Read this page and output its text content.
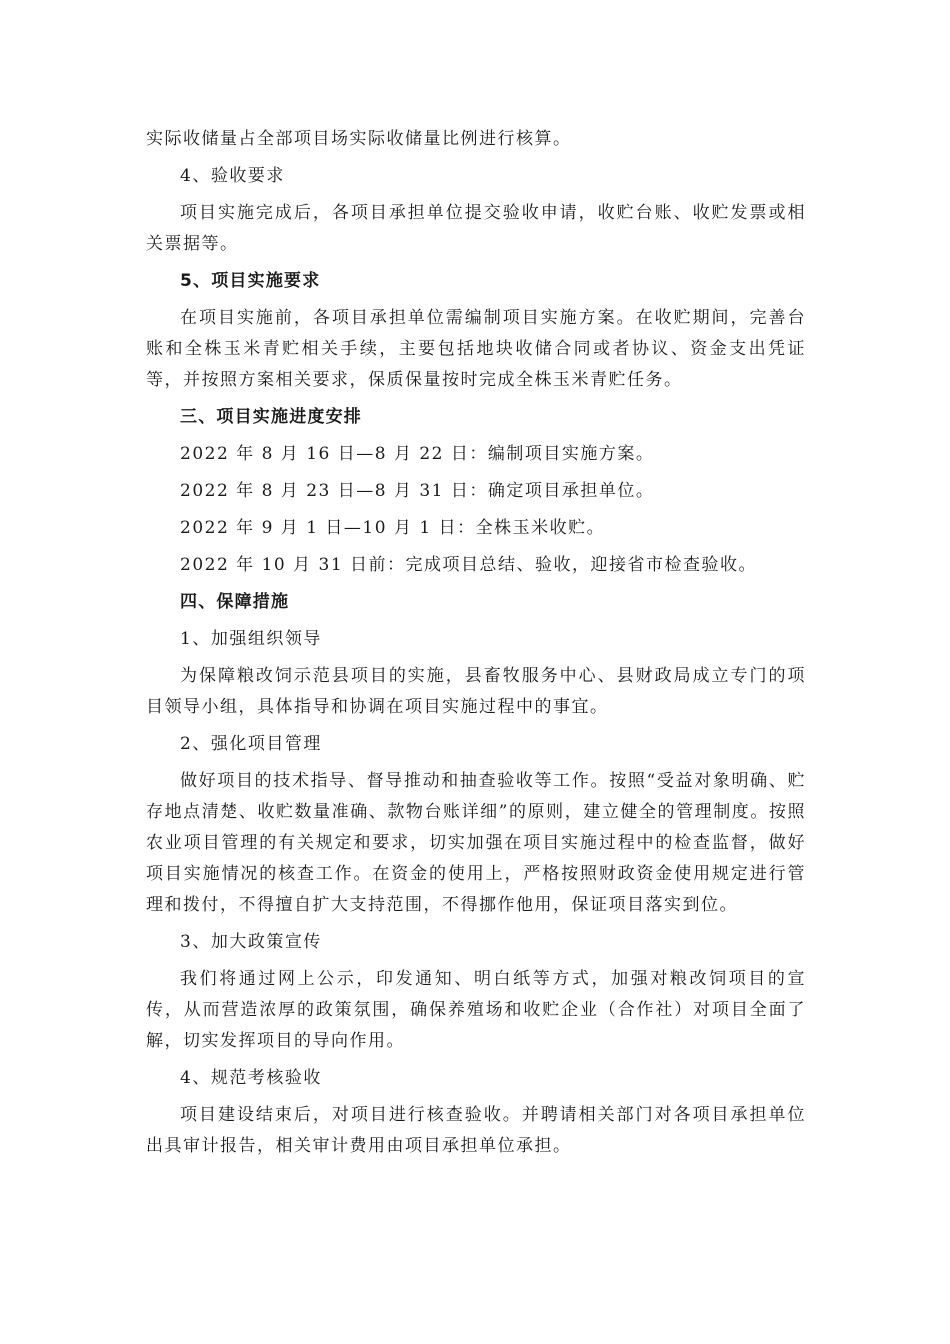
实际收储量占全部项目场实际收储量比例进行核算。

4、验收要求

项目实施完成后，各项目承担单位提交验收申请，收贮台账、收贮发票或相关票据等。

5、项目实施要求

在项目实施前，各项目承担单位需编制项目实施方案。在收贮期间，完善台账和全株玉米青贮相关手续，主要包括地块收储合同或者协议、资金支出凭证等，并按照方案相关要求，保质保量按时完成全株玉米青贮任务。

三、项目实施进度安排

2022 年 8 月 16 日—8 月 22 日：编制项目实施方案。

2022 年 8 月 23 日—8 月 31 日：确定项目承担单位。

2022 年 9 月 1 日—10 月 1 日：全株玉米收贮。

2022 年 10 月 31 日前：完成项目总结、验收，迎接省市检查验收。

四、保障措施

1、加强组织领导

为保障粮改饲示范县项目的实施，县畜牧服务中心、县财政局成立专门的项目领导小组，具体指导和协调在项目实施过程中的事宜。

2、强化项目管理

做好项目的技术指导、督导推动和抽查验收等工作。按照“受益对象明确、贮存地点清楚、收贮数量准确、款物台账详细”的原则，建立健全的管理制度。按照农业项目管理的有关规定和要求，切实加强在项目实施过程中的检查监督，做好项目实施情况的核查工作。在资金的使用上，严格按照财政资金使用规定进行管理和拨付，不得擅自扩大支持范围，不得挪作他用，保证项目落实到位。

3、加大政策宣传

我们将通过网上公示，印发通知、明白纸等方式，加强对粮改饲项目的宣传，从而营造浓厚的政策氛围，确保养殖场和收贮企业（合作社）对项目全面了解，切实发挥项目的导向作用。

4、规范考核验收

项目建设结束后，对项目进行核查验收。并聘请相关部门对各项目承担单位出具审计报告，相关审计费用由项目承担单位承担。
